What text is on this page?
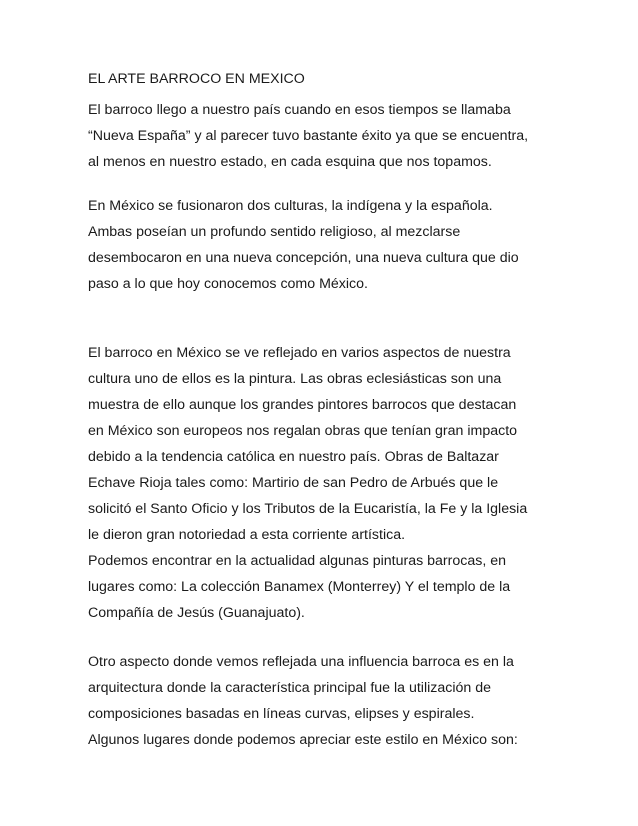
EL ARTE BARROCO EN MEXICO
El barroco llego a nuestro país cuando en esos tiempos se llamaba
“Nueva España” y al parecer tuvo bastante éxito ya que se encuentra,
al menos en nuestro estado, en cada esquina que nos topamos.
En México se fusionaron dos culturas, la indígena y la española.
Ambas poseían un profundo sentido religioso, al mezclarse
desembocaron en una nueva concepción, una nueva cultura que dio
paso a lo que hoy conocemos como México.
El barroco en México se ve reflejado en varios aspectos de nuestra
cultura uno de ellos es la pintura. Las obras eclesiásticas son una
muestra de ello aunque los grandes pintores barrocos que destacan
en México son europeos nos regalan obras que tenían gran impacto
debido a la tendencia católica en nuestro país. Obras de Baltazar
Echave Rioja tales como: Martirio de san Pedro de Arbués que le
solicitó el Santo Oficio y los Tributos de la Eucaristía, la Fe y la Iglesia
le dieron gran notoriedad a esta corriente artística.
Podemos encontrar en la actualidad algunas pinturas barrocas, en
lugares como: La colección Banamex (Monterrey) Y el templo de la
Compañía de Jesús (Guanajuato).
Otro aspecto donde vemos reflejada una influencia barroca es en la
arquitectura donde la característica principal fue la utilización de
composiciones basadas en líneas curvas, elipses y espirales.
Algunos lugares donde podemos apreciar este estilo en México son:
